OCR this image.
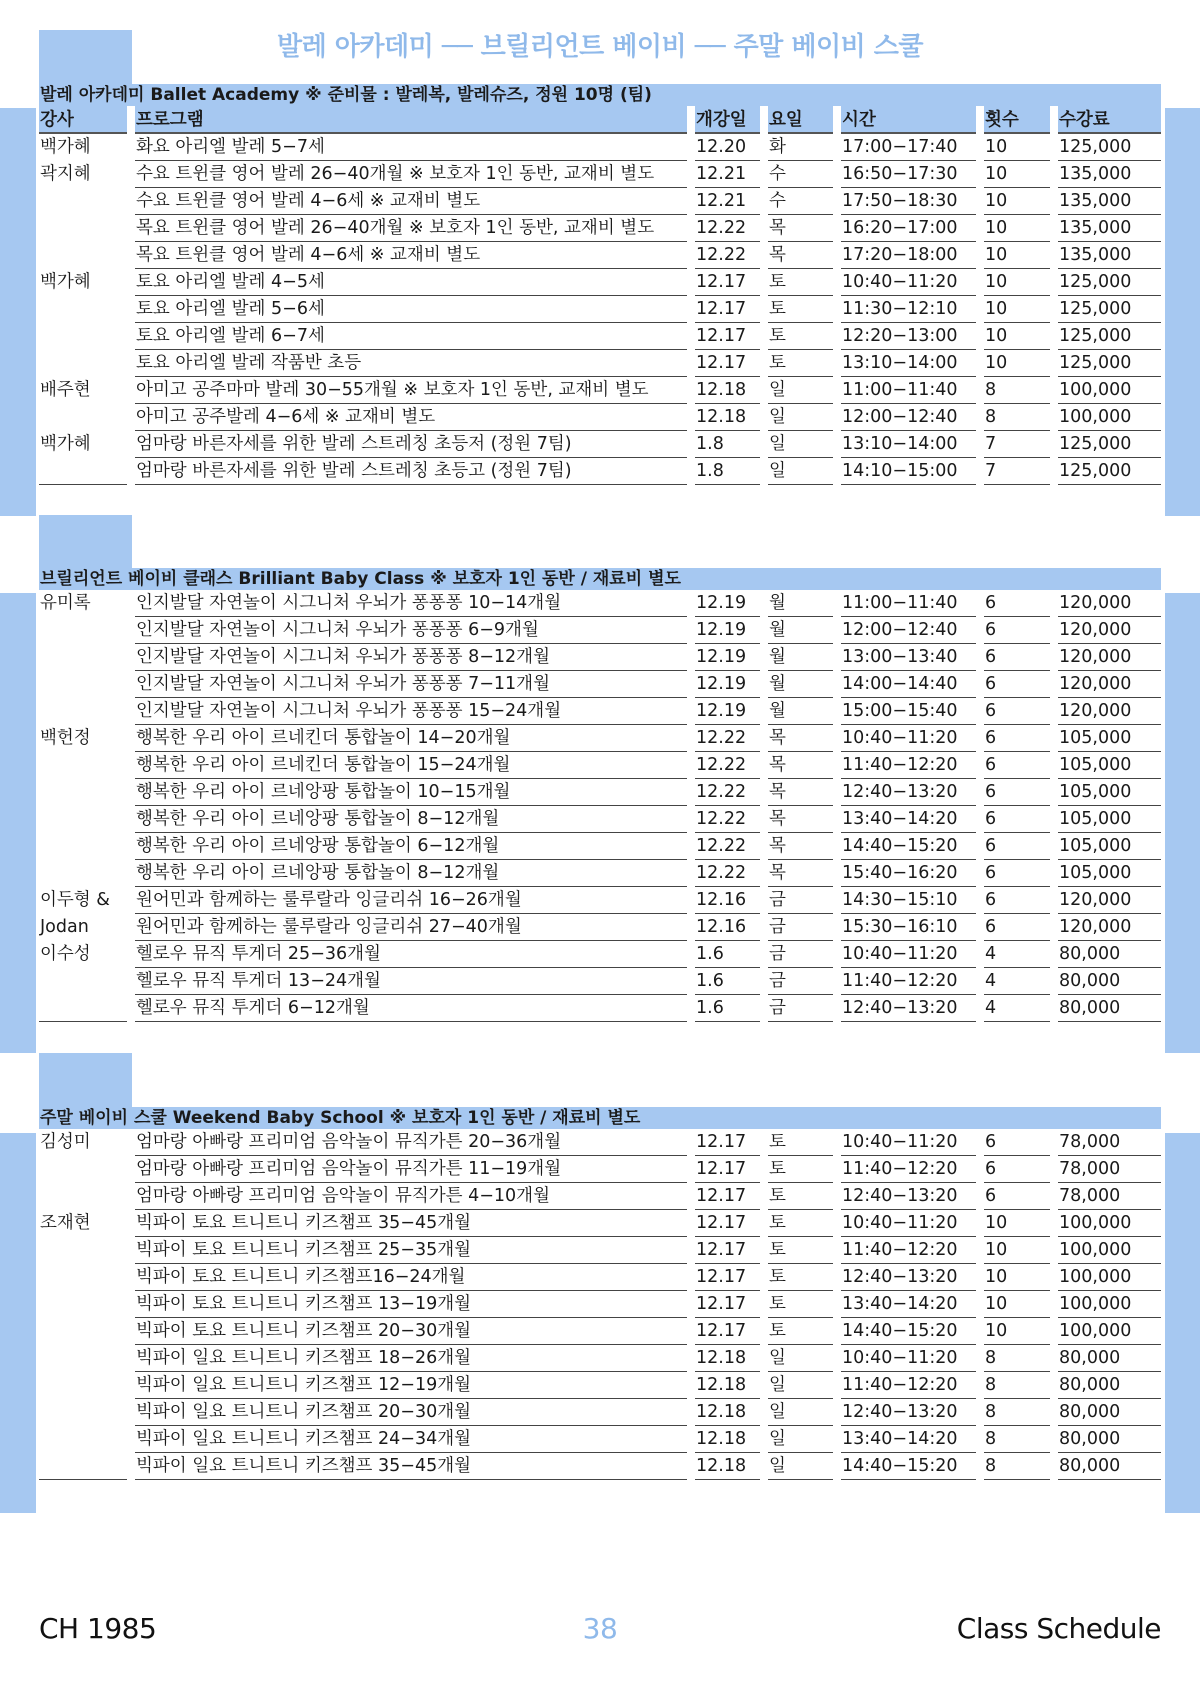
발레 아카데미 ── 브릴리언트 베이비 ── 주말 베이비 스쿨
발레 아카데미 Ballet Academy ※ 준비물 : 발레복, 발레슈즈, 정원 10명 (팀)
강사	프로그램	개강일	요일	시간	횟수	수강료
백가혜	화요 아리엘 발레 5−7세	12.20	화	17:00−17:40	10	125,000
곽지혜	수요 트윈클 영어 발레 26−40개월 ※ 보호자 1인 동반, 교재비 별도	12.21	수	16:50−17:30	10	135,000
수요 트윈클 영어 발레 4−6세 ※ 교재비 별도	12.21	수	17:50−18:30	10	135,000
목요 트윈클 영어 발레 26−40개월 ※ 보호자 1인 동반, 교재비 별도	12.22	목	16:20−17:00	10	135,000
목요 트윈클 영어 발레 4−6세 ※ 교재비 별도	12.22	목	17:20−18:00	10	135,000
백가혜	토요 아리엘 발레 4−5세	12.17	토	10:40−11:20	10	125,000
토요 아리엘 발레 5−6세	12.17	토	11:30−12:10	10	125,000
토요 아리엘 발레 6−7세	12.17	토	12:20−13:00	10	125,000
토요 아리엘 발레 작품반 초등	12.17	토	13:10−14:00	10	125,000
배주현	아미고 공주마마 발레 30−55개월 ※ 보호자 1인 동반, 교재비 별도	12.18	일	11:00−11:40	8	100,000
아미고 공주발레 4−6세 ※ 교재비 별도	12.18	일	12:00−12:40	8	100,000
백가혜	엄마랑 바른자세를 위한 발레 스트레칭 초등저 (정원 7팀)	1.8	일	13:10−14:00	7	125,000
엄마랑 바른자세를 위한 발레 스트레칭 초등고 (정원 7팀)	1.8	일	14:10−15:00	7	125,000
브릴리언트 베이비 클래스 Brilliant Baby Class ※ 보호자 1인 동반 / 재료비 별도
유미록	인지발달 자연놀이 시그니처 우뇌가 퐁퐁퐁 10−14개월	12.19	월	11:00−11:40	6	120,000
인지발달 자연놀이 시그니처 우뇌가 퐁퐁퐁 6−9개월	12.19	월	12:00−12:40	6	120,000
인지발달 자연놀이 시그니처 우뇌가 퐁퐁퐁 8−12개월	12.19	월	13:00−13:40	6	120,000
인지발달 자연놀이 시그니처 우뇌가 퐁퐁퐁 7−11개월	12.19	월	14:00−14:40	6	120,000
인지발달 자연놀이 시그니처 우뇌가 퐁퐁퐁 15−24개월	12.19	월	15:00−15:40	6	120,000
백헌정	행복한 우리 아이 르네킨더 통합놀이 14−20개월	12.22	목	10:40−11:20	6	105,000
행복한 우리 아이 르네킨더 통합놀이 15−24개월	12.22	목	11:40−12:20	6	105,000
행복한 우리 아이 르네앙팡 통합놀이 10−15개월	12.22	목	12:40−13:20	6	105,000
행복한 우리 아이 르네앙팡 통합놀이 8−12개월	12.22	목	13:40−14:20	6	105,000
행복한 우리 아이 르네앙팡 통합놀이 6−12개월	12.22	목	14:40−15:20	6	105,000
행복한 우리 아이 르네앙팡 통합놀이 8−12개월	12.22	목	15:40−16:20	6	105,000
이두형 &	원어민과 함께하는 룰루랄라 잉글리쉬 16−26개월	12.16	금	14:30−15:10	6	120,000
Jodan	원어민과 함께하는 룰루랄라 잉글리쉬 27−40개월	12.16	금	15:30−16:10	6	120,000
이수성	헬로우 뮤직 투게더 25−36개월	1.6	금	10:40−11:20	4	80,000
헬로우 뮤직 투게더 13−24개월	1.6	금	11:40−12:20	4	80,000
헬로우 뮤직 투게더 6−12개월	1.6	금	12:40−13:20	4	80,000
주말 베이비 스쿨 Weekend Baby School ※ 보호자 1인 동반 / 재료비 별도
김성미	엄마랑 아빠랑 프리미엄 음악놀이 뮤직가튼 20−36개월	12.17	토	10:40−11:20	6	78,000
엄마랑 아빠랑 프리미엄 음악놀이 뮤직가튼 11−19개월	12.17	토	11:40−12:20	6	78,000
엄마랑 아빠랑 프리미엄 음악놀이 뮤직가튼 4−10개월	12.17	토	12:40−13:20	6	78,000
조재현	빅파이 토요 트니트니 키즈챔프 35−45개월	12.17	토	10:40−11:20	10	100,000
빅파이 토요 트니트니 키즈챔프 25−35개월	12.17	토	11:40−12:20	10	100,000
빅파이 토요 트니트니 키즈챔프16−24개월	12.17	토	12:40−13:20	10	100,000
빅파이 토요 트니트니 키즈챔프 13−19개월	12.17	토	13:40−14:20	10	100,000
빅파이 토요 트니트니 키즈챔프 20−30개월	12.17	토	14:40−15:20	10	100,000
빅파이 일요 트니트니 키즈챔프 18−26개월	12.18	일	10:40−11:20	8	80,000
빅파이 일요 트니트니 키즈챔프 12−19개월	12.18	일	11:40−12:20	8	80,000
빅파이 일요 트니트니 키즈챔프 20−30개월	12.18	일	12:40−13:20	8	80,000
빅파이 일요 트니트니 키즈챔프 24−34개월	12.18	일	13:40−14:20	8	80,000
빅파이 일요 트니트니 키즈챔프 35−45개월	12.18	일	14:40−15:20	8	80,000
CH 1985	38	Class Schedule
